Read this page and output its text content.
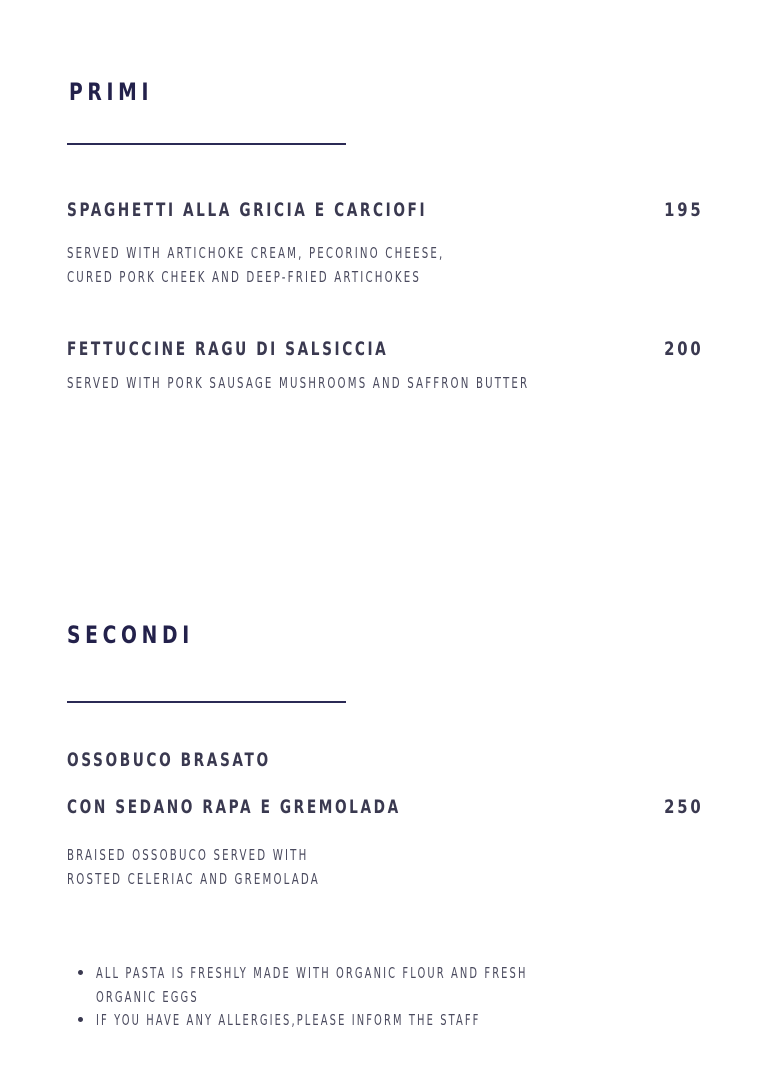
PRIMI
SPAGHETTI ALLA GRICIA E CARCIOFI	195
SERVED WITH ARTICHOKE CREAM, PECORINO CHEESE,
CURED PORK CHEEK AND DEEP-FRIED ARTICHOKES
FETTUCCINE RAGU DI SALSICCIA	200
SERVED WITH PORK SAUSAGE MUSHROOMS AND SAFFRON BUTTER
SECONDI
OSSOBUCO BRASATO
CON SEDANO RAPA E GREMOLADA	250
BRAISED OSSOBUCO SERVED WITH
ROSTED CELERIAC AND GREMOLADA
ALL PASTA IS FRESHLY MADE WITH ORGANIC FLOUR AND FRESH
ORGANIC EGGS
IF YOU HAVE ANY ALLERGIES,PLEASE INFORM THE STAFF
